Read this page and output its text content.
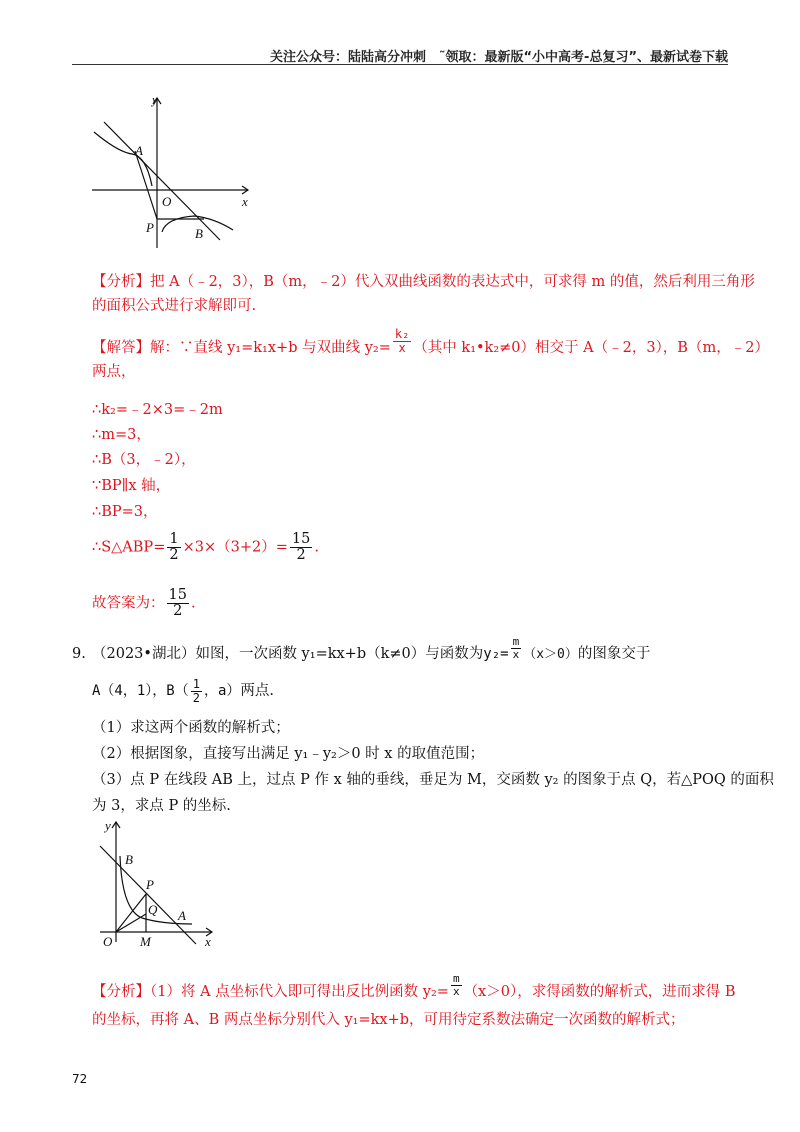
关注公众号：陆陆高分冲刺　˜领取：最新版“小中高考-总复习”、最新试卷下载
y
x
A
O
P	B
【分析】把 A（﹣2，3），B（m，﹣2）代入双曲线函数的表达式中，可求得 m 的值，然后利用三角形
的面积公式进行求解即可.
【解答】解：∵直线 y₁=k₁x+b 与双曲线 $y_2= \frac{\text{k₂}}{x}$ （其中 k₁•k₂≠0）相交于 A（﹣2，3），B（m，﹣2）
两点，
∴k₂=﹣2×3=﹣2m
∴m=3，
∴B（3，﹣2），
∵BP∥x 轴，
∴BP=3，
∴S△ABP= $\frac{1}{2} \times 3\times(3+2)= \frac{15}{2}$ .
故答案为： $\frac{15}{2}$ .
9. （2023•湖北）如图，一次函数 y₁=kx+b（k≠0）与函数为$y_2= \frac{m}{x} (x>0)$的图象交于
A（4，1），$B( \frac{1}{2}$ ，a）两点.
（1）求这两个函数的解析式；
（2）根据图象，直接写出满足 y₁﹣y₂＞0 时 x 的取值范围；
（3）点 P 在线段 AB 上，过点 P 作 x 轴的垂线，垂足为 M，交函数 y₂ 的图象于点 Q，若△POQ 的面积
为 3，求点 P 的坐标.
y
x
B
P
Q A
O M
【分析】（1）将 A 点坐标代入即可得出反比例函数 $y_2= \frac{m}{x} (x>0)$，求得函数的解析式，进而求得 B
的坐标，再将 A、B 两点坐标分别代入 y₁=kx+b，可用待定系数法确定一次函数的解析式；
72
